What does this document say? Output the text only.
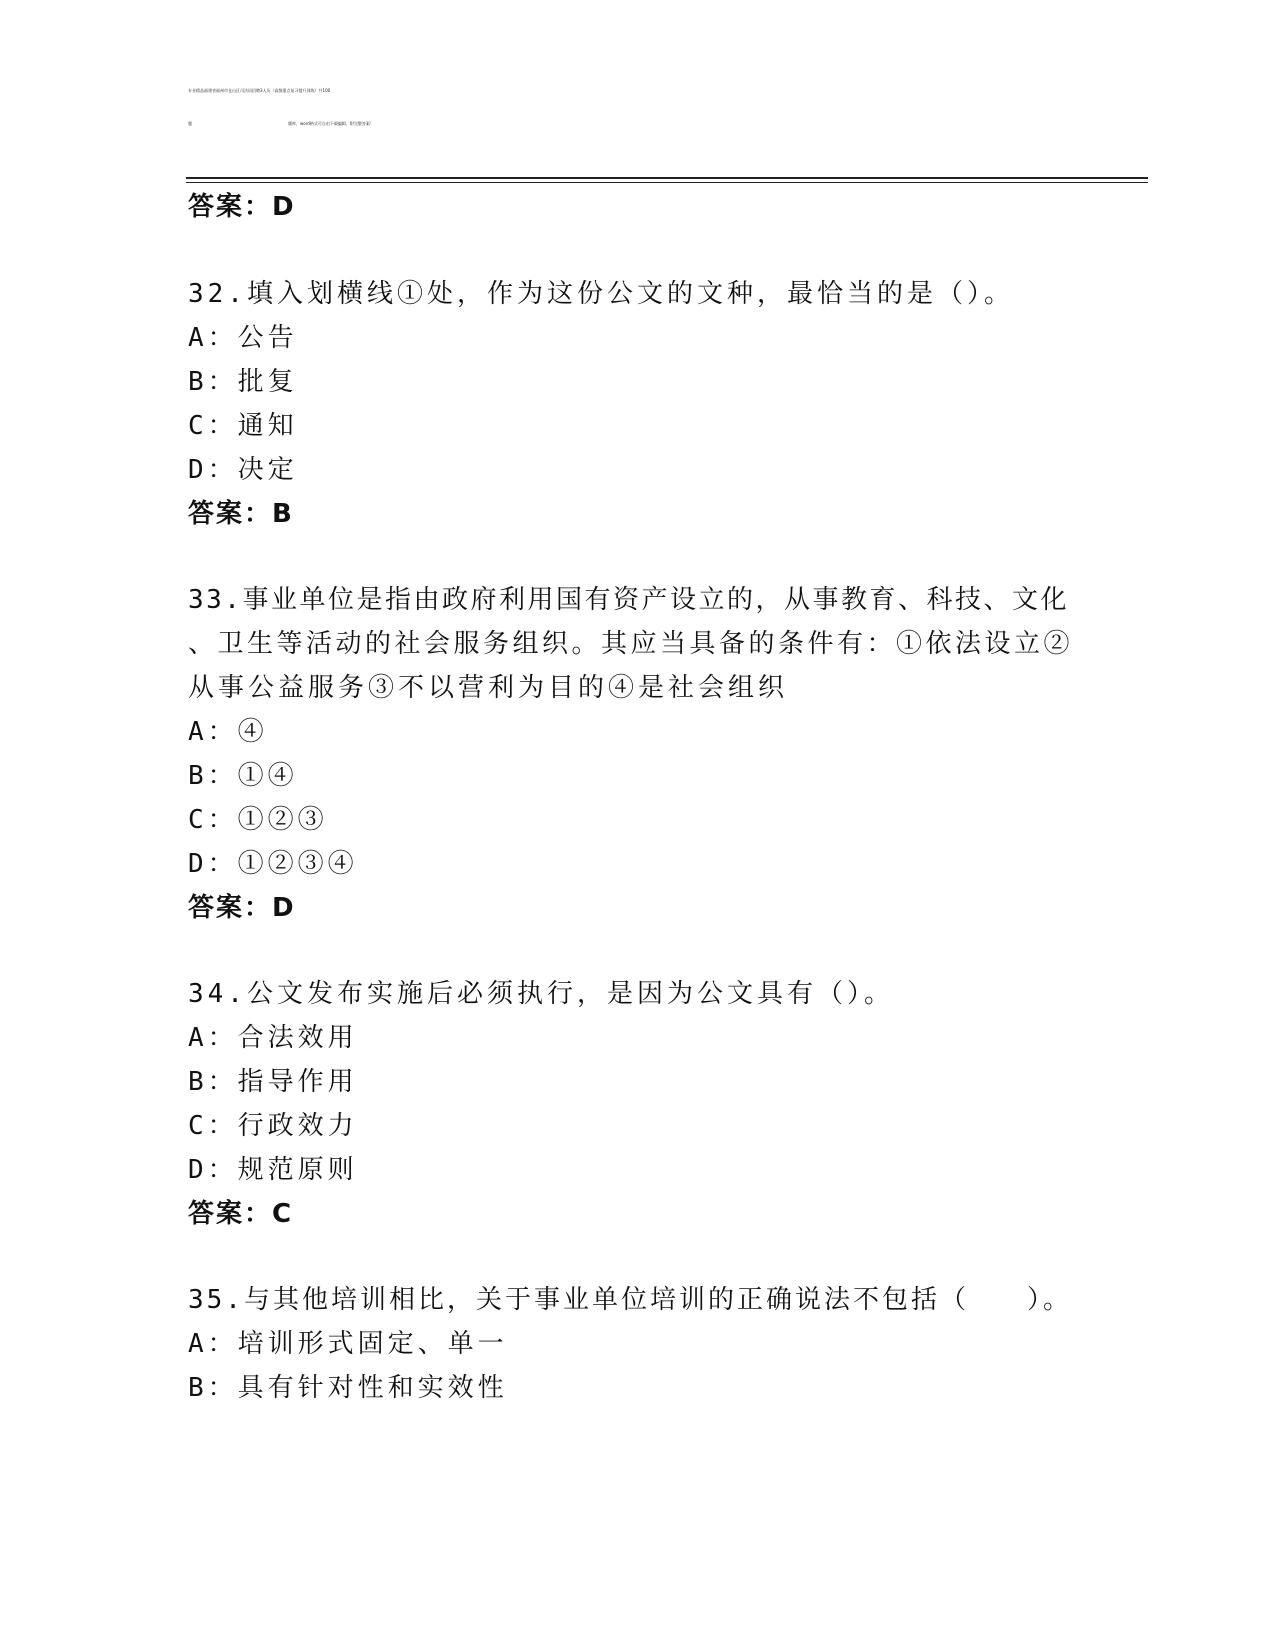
专业精品福建省福州市仓山区司法局招聘3人历（高频重点复习提升训练）共100
题	题库，word格式可自由下载编辑，附完整答案！
答案：D
32.填入划横线①处，作为这份公文的文种，最恰当的是（）。
A：公告
B：批复
C：通知
D：决定
答案：B
33.事业单位是指由政府利用国有资产设立的，从事教育、科技、文化
、卫生等活动的社会服务组织。其应当具备的条件有：①依法设立②
从事公益服务③不以营利为目的④是社会组织
A：④
B：①④
C：①②③
D：①②③④
答案：D
34.公文发布实施后必须执行，是因为公文具有（）。
A：合法效用
B：指导作用
C：行政效力
D：规范原则
答案：C
35.与其他培训相比，关于事业单位培训的正确说法不包括（　　）。
A：培训形式固定、单一
B：具有针对性和实效性
